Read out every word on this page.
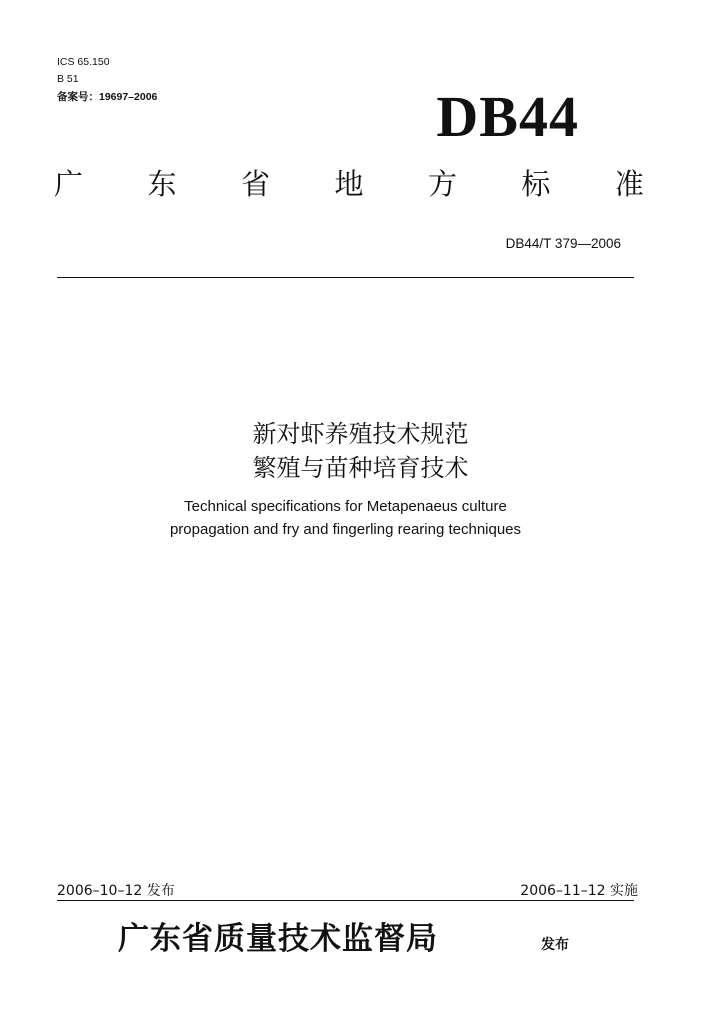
ICS 65.150
B 51
备案号：19697–2006	DB44
广 东 省 地 方 标 准
DB44/T 379—2006
新对虾养殖技术规范
繁殖与苗种培育技术
Technical specifications for Metapenaeus culture
propagation and fry and fingerling rearing techniques
2006–10–12 发布	2006–11–12 实施
广东省质量技术监督局	发布
